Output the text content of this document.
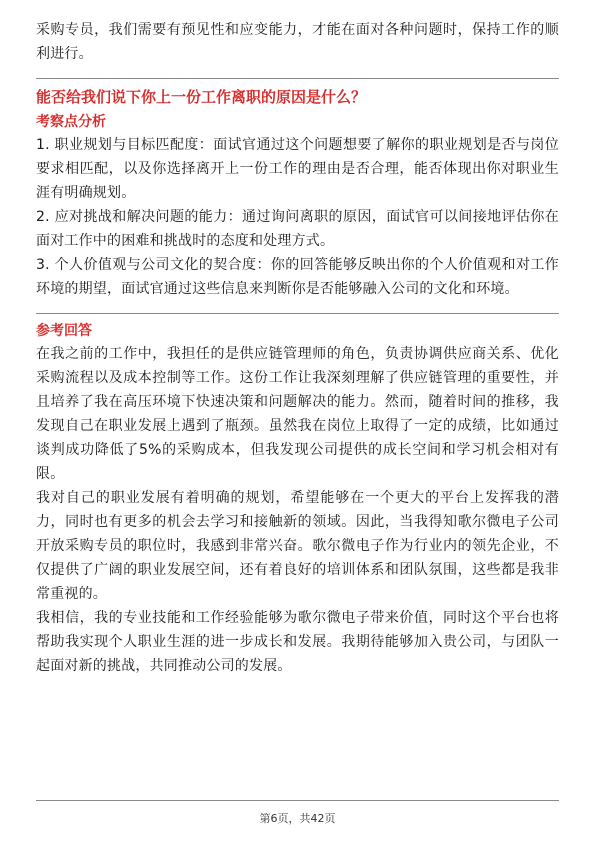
采购专员，我们需要有预见性和应变能力，才能在面对各种问题时，保持工作的顺利进行。

能否给我们说下你上一份工作离职的原因是什么？
考察点分析

1. 职业规划与目标匹配度：面试官通过这个问题想要了解你的职业规划是否与岗位要求相匹配，以及你选择离开上一份工作的理由是否合理，能否体现出你对职业生涯有明确规划。

2. 应对挑战和解决问题的能力：通过询问离职的原因，面试官可以间接地评估你在面对工作中的困难和挑战时的态度和处理方式。

3. 个人价值观与公司文化的契合度：你的回答能够反映出你的个人价值观和对工作环境的期望，面试官通过这些信息来判断你是否能够融入公司的文化和环境。

参考回答

在我之前的工作中，我担任的是供应链管理师的角色，负责协调供应商关系、优化采购流程以及成本控制等工作。这份工作让我深刻理解了供应链管理的重要性，并且培养了我在高压环境下快速决策和问题解决的能力。然而，随着时间的推移，我发现自己在职业发展上遇到了瓶颈。虽然我在岗位上取得了一定的成绩，比如通过谈判成功降低了5%的采购成本，但我发现公司提供的成长空间和学习机会相对有限。

我对自己的职业发展有着明确的规划，希望能够在一个更大的平台上发挥我的潜力，同时也有更多的机会去学习和接触新的领域。因此，当我得知歌尔微电子公司开放采购专员的职位时，我感到非常兴奋。歌尔微电子作为行业内的领先企业，不仅提供了广阔的职业发展空间，还有着良好的培训体系和团队氛围，这些都是我非常重视的。

我相信，我的专业技能和工作经验能够为歌尔微电子带来价值，同时这个平台也将帮助我实现个人职业生涯的进一步成长和发展。我期待能够加入贵公司，与团队一起面对新的挑战，共同推动公司的发展。

第6页，共42页
